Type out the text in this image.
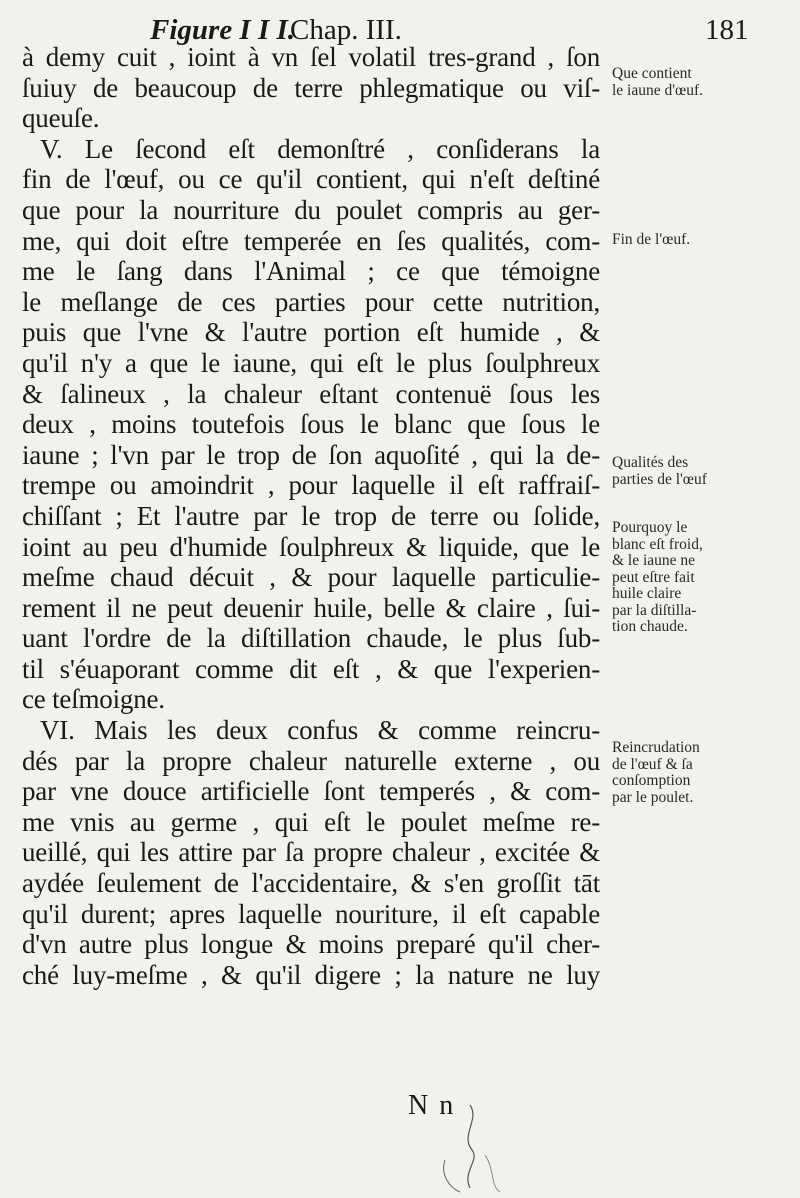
Figure I I I.
Chap. III.	181
à demy cuit , ioint à vn ſel volatil tres-grand , ſon
ſuiuy de beaucoup de terre phlegmatique ou viſ-
queuſe.
V. Le ſecond eſt demonſtré , conſiderans la
fin de l'œuf, ou ce qu'il contient, qui n'eſt deſtiné
que pour la nourriture du poulet compris au ger-
me, qui doit eſtre temperée en ſes qualités, com-
me le ſang dans l'Animal ; ce que témoigne
le meſlange de ces parties pour cette nutrition,
puis que l'vne & l'autre portion eſt humide , &
qu'il n'y a que le iaune, qui eſt le plus ſoulphreux
& ſalineux , la chaleur eſtant contenuë ſous les
deux , moins toutefois ſous le blanc que ſous le
iaune ; l'vn par le trop de ſon aquoſité , qui la de-
trempe ou amoindrit , pour laquelle il eſt raffraiſ-
chiſſant ; Et l'autre par le trop de terre ou ſolide,
ioint au peu d'humide ſoulphreux & liquide, que le
meſme chaud décuit , & pour laquelle particulie-
rement il ne peut deuenir huile, belle & claire , ſui-
uant l'ordre de la diſtillation chaude, le plus ſub-
til s'éuaporant comme dit eſt , & que l'experien-
ce teſmoigne.
VI. Mais les deux confus & comme reincru-
dés par la propre chaleur naturelle externe , ou
par vne douce artificielle ſont temperés , & com-
me vnis au germe , qui eſt le poulet meſme re-
ueillé, qui les attire par ſa propre chaleur , excitée &
aydée ſeulement de l'accidentaire, & s'en groſſit tāt
qu'il durent; apres laquelle nouriture, il eſt capable
d'vn autre plus longue & moins preparé qu'il cher-
ché luy-meſme , & qu'il digere ; la nature ne luy
Que contient
le iaune d'œuf.
Fin de l'œuf.
Qualités des
parties de l'œuf
Pourquoy le
blanc eſt froid,
& le iaune ne
peut eſtre fait
huile claire
par la diſtilla-
tion chaude.
Reincrudation
de l'œuf & ſa
conſomption
par le poulet.
N n
